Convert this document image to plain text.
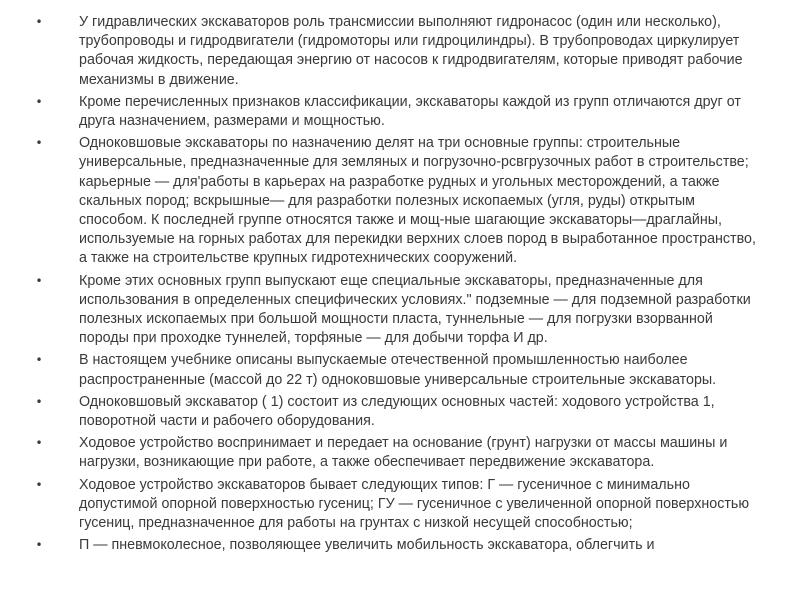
•	У гидравлических экскаваторов роль трансмиссии выполняют гидронасос (один или несколько), трубопроводы и гидродвигатели (гидромоторы или гидроцилиндры). В трубопроводах циркулирует рабочая жидкость, передающая энергию от насосов к гидродвигателям, которые приводят рабочие механизмы в движение.
•	Кроме перечисленных признаков классификации, экскаваторы каждой из групп отличаются друг от друга назначением, размерами и мощностью.
•	Одноковшовые экскаваторы по назначению делят на три основные группы: строительные универсальные, предназначенные для земляных и погрузочно-рсвгрузочных работ в строительстве; карьерные — для'работы в карьерах на разработке рудных и угольных месторождений, а также скальных пород; вскрышные— для разработки полезных ископаемых (угля, руды) открытым способом. К последней группе относятся также и мощ-ные шагающие экскаваторы—драглайны, используемые на горных работах для перекидки верхних слоев пород в выработанное пространство, а также на строительстве крупных гидротехнических сооружений.
•	Кроме этих основных групп выпускают еще специальные экскаваторы, предназначенные для использования в определенных специфических условиях." подземные — для подземной разработки полезных ископаемых при большой мощности пласта, туннельные — для погрузки взорванной породы при проходке туннелей, торфяные — для добычи торфа И др.
•	В настоящем учебнике описаны выпускаемые отечественной промышленностью наиболее распространенные (массой до 22 т) одноковшовые универсальные строительные экскаваторы.
•	Одноковшовый экскаватор ( 1) состоит из следующих основных частей: ходового устройства 1, поворотной части и рабочего оборудования.
•	Ходовое устройство воспринимает и передает на основание (грунт) нагрузки от массы машины и нагрузки, возникающие при работе, а также обеспечивает передвижение экскаватора.
•	Ходовое устройство экскаваторов бывает следующих типов: Г — гусеничное с минимально допустимой опорной поверхностью гусениц; ГУ — гусеничное с увеличенной опорной поверхностью гусениц, предназначенное для работы на грунтах с низкой несущей способностью;
•	П — пневмоколесное, позволяющее увеличить мобильность экскаватора, облегчить и
